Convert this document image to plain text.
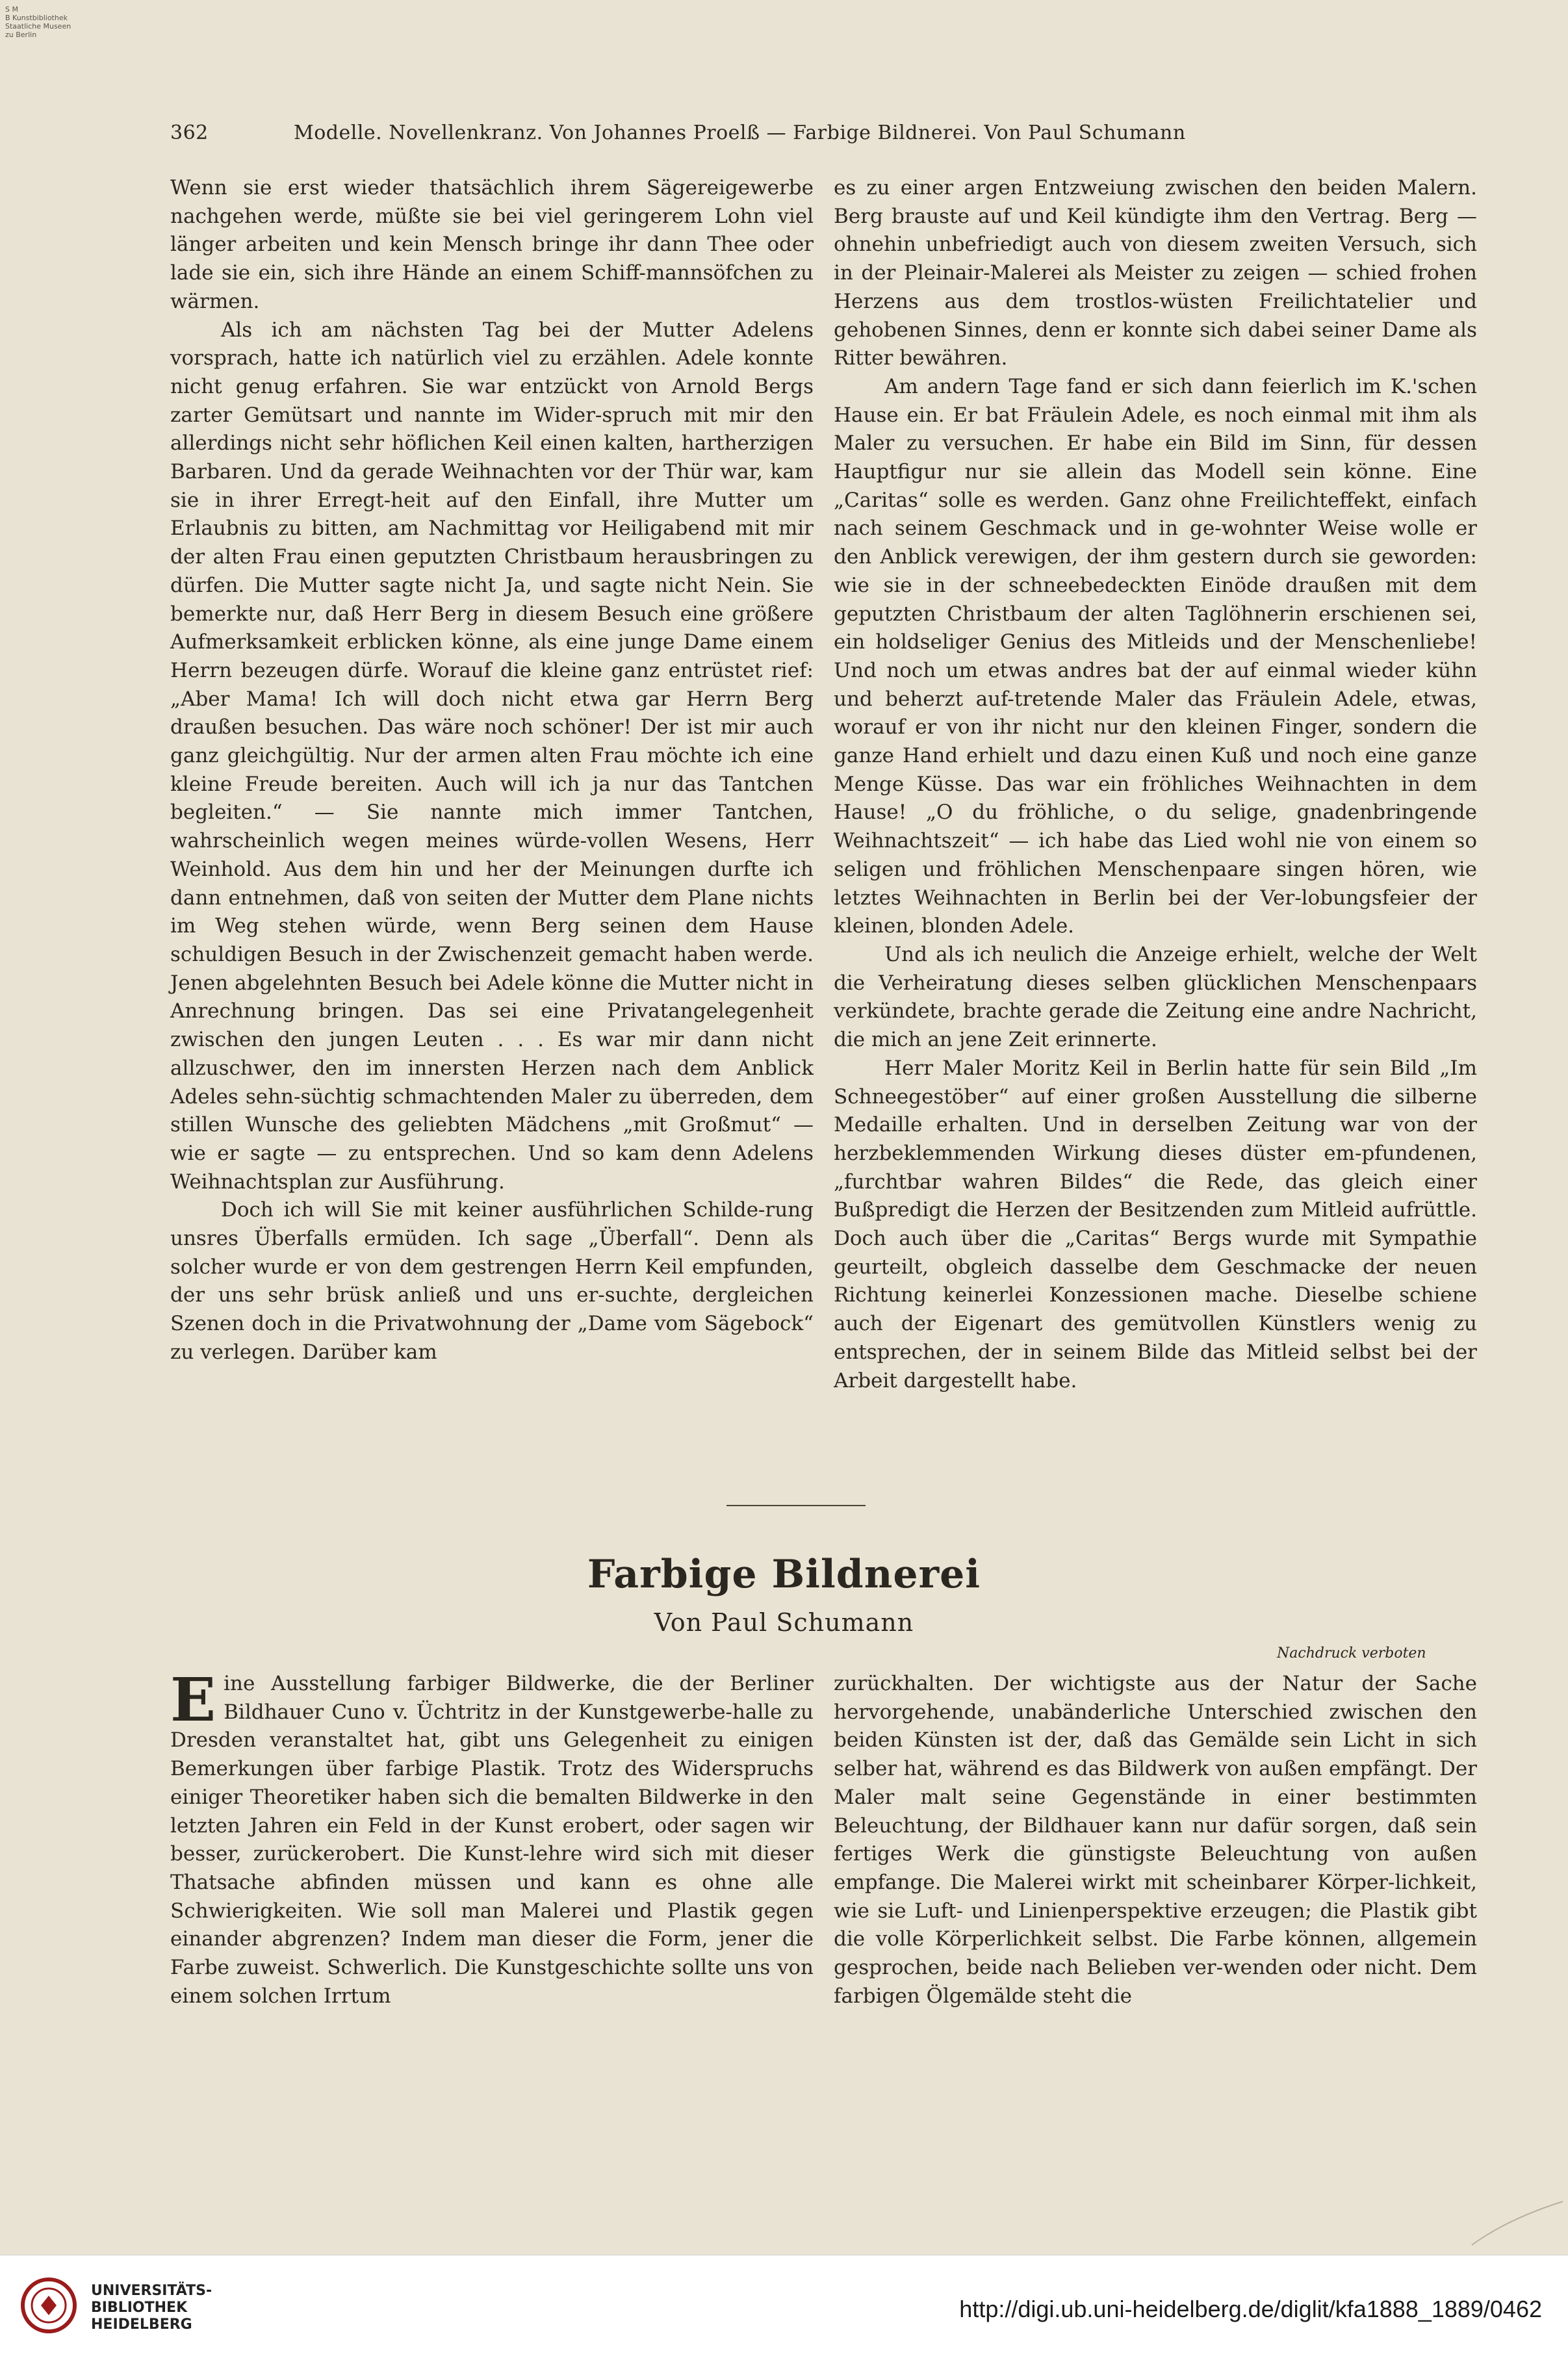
S M
B Kunstbibliothek
Staatliche Museen
zu Berlin
362	Modelle. Novellenkranz. Von Johannes Proelß — Farbige Bildnerei. Von Paul Schumann

Wenn sie erst wieder thatsächlich ihrem Sägereigewerbe nachgehen werde, müßte sie bei viel geringerem Lohn viel länger arbeiten und kein Mensch bringe ihr dann Thee oder lade sie ein, sich ihre Hände an einem Schiff-mannsöfchen zu wärmen.

Als ich am nächsten Tag bei der Mutter Adelens vorsprach, hatte ich natürlich viel zu erzählen. Adele konnte nicht genug erfahren. Sie war entzückt von Arnold Bergs zarter Gemütsart und nannte im Wider-spruch mit mir den allerdings nicht sehr höflichen Keil einen kalten, hartherzigen Barbaren. Und da gerade Weihnachten vor der Thür war, kam sie in ihrer Erregt-heit auf den Einfall, ihre Mutter um Erlaubnis zu bitten, am Nachmittag vor Heiligabend mit mir der alten Frau einen geputzten Christbaum herausbringen zu dürfen. Die Mutter sagte nicht Ja, und sagte nicht Nein. Sie bemerkte nur, daß Herr Berg in diesem Besuch eine größere Aufmerksamkeit erblicken könne, als eine junge Dame einem Herrn bezeugen dürfe. Worauf die kleine ganz entrüstet rief: „Aber Mama! Ich will doch nicht etwa gar Herrn Berg draußen besuchen. Das wäre noch schöner! Der ist mir auch ganz gleichgültig. Nur der armen alten Frau möchte ich eine kleine Freude bereiten. Auch will ich ja nur das Tantchen begleiten.“ — Sie nannte mich immer Tantchen, wahrscheinlich wegen meines würde-vollen Wesens, Herr Weinhold. Aus dem hin und her der Meinungen durfte ich dann entnehmen, daß von seiten der Mutter dem Plane nichts im Weg stehen würde, wenn Berg seinen dem Hause schuldigen Besuch in der Zwischenzeit gemacht haben werde. Jenen abgelehnten Besuch bei Adele könne die Mutter nicht in Anrechnung bringen. Das sei eine Privatangelegenheit zwischen den jungen Leuten . . . Es war mir dann nicht allzuschwer, den im innersten Herzen nach dem Anblick Adeles sehn-süchtig schmachtenden Maler zu überreden, dem stillen Wunsche des geliebten Mädchens „mit Großmut“ — wie er sagte — zu entsprechen. Und so kam denn Adelens Weihnachtsplan zur Ausführung.

Doch ich will Sie mit keiner ausführlichen Schilde-rung unsres Überfalls ermüden. Ich sage „Überfall“. Denn als solcher wurde er von dem gestrengen Herrn Keil empfunden, der uns sehr brüsk anließ und uns er-suchte, dergleichen Szenen doch in die Privatwohnung der „Dame vom Sägebock“ zu verlegen. Darüber kam

es zu einer argen Entzweiung zwischen den beiden Malern. Berg brauste auf und Keil kündigte ihm den Vertrag. Berg — ohnehin unbefriedigt auch von diesem zweiten Versuch, sich in der Pleinair-Malerei als Meister zu zeigen — schied frohen Herzens aus dem trostlos-wüsten Freilichtatelier und gehobenen Sinnes, denn er konnte sich dabei seiner Dame als Ritter bewähren.

Am andern Tage fand er sich dann feierlich im K.'schen Hause ein. Er bat Fräulein Adele, es noch einmal mit ihm als Maler zu versuchen. Er habe ein Bild im Sinn, für dessen Hauptfigur nur sie allein das Modell sein könne. Eine „Caritas“ solle es werden. Ganz ohne Freilichteffekt, einfach nach seinem Geschmack und in ge-wohnter Weise wolle er den Anblick verewigen, der ihm gestern durch sie geworden: wie sie in der schneebedeckten Einöde draußen mit dem geputzten Christbaum der alten Taglöhnerin erschienen sei, ein holdseliger Genius des Mitleids und der Menschenliebe! Und noch um etwas andres bat der auf einmal wieder kühn und beherzt auf-tretende Maler das Fräulein Adele, etwas, worauf er von ihr nicht nur den kleinen Finger, sondern die ganze Hand erhielt und dazu einen Kuß und noch eine ganze Menge Küsse. Das war ein fröhliches Weihnachten in dem Hause! „O du fröhliche, o du selige, gnadenbringende Weihnachtszeit“ — ich habe das Lied wohl nie von einem so seligen und fröhlichen Menschenpaare singen hören, wie letztes Weihnachten in Berlin bei der Ver-lobungsfeier der kleinen, blonden Adele.

Und als ich neulich die Anzeige erhielt, welche der Welt die Verheiratung dieses selben glücklichen Menschenpaars verkündete, brachte gerade die Zeitung eine andre Nachricht, die mich an jene Zeit erinnerte.

Herr Maler Moritz Keil in Berlin hatte für sein Bild „Im Schneegestöber“ auf einer großen Ausstellung die silberne Medaille erhalten. Und in derselben Zeitung war von der herzbeklemmenden Wirkung dieses düster em-pfundenen, „furchtbar wahren Bildes“ die Rede, das gleich einer Bußpredigt die Herzen der Besitzenden zum Mitleid aufrüttle. Doch auch über die „Caritas“ Bergs wurde mit Sympathie geurteilt, obgleich dasselbe dem Geschmacke der neuen Richtung keinerlei Konzessionen mache. Dieselbe schiene auch der Eigenart des gemütvollen Künstlers wenig zu entsprechen, der in seinem Bilde das Mitleid selbst bei der Arbeit dargestellt habe.

Farbige Bildnerei
Von Paul Schumann
Nachdruck verboten

Eine Ausstellung farbiger Bildwerke, die der Berliner Bildhauer Cuno v. Üchtritz in der Kunstgewerbe-halle zu Dresden veranstaltet hat, gibt uns Gelegenheit zu einigen Bemerkungen über farbige Plastik. Trotz des Widerspruchs einiger Theoretiker haben sich die bemalten Bildwerke in den letzten Jahren ein Feld in der Kunst erobert, oder sagen wir besser, zurückerobert. Die Kunst-lehre wird sich mit dieser Thatsache abfinden müssen und kann es ohne alle Schwierigkeiten. Wie soll man Malerei und Plastik gegen einander abgrenzen? Indem man dieser die Form, jener die Farbe zuweist. Schwerlich. Die Kunstgeschichte sollte uns von einem solchen Irrtum

zurückhalten. Der wichtigste aus der Natur der Sache hervorgehende, unabänderliche Unterschied zwischen den beiden Künsten ist der, daß das Gemälde sein Licht in sich selber hat, während es das Bildwerk von außen empfängt. Der Maler malt seine Gegenstände in einer bestimmten Beleuchtung, der Bildhauer kann nur dafür sorgen, daß sein fertiges Werk die günstigste Beleuchtung von außen empfange. Die Malerei wirkt mit scheinbarer Körper-lichkeit, wie sie Luft- und Linienperspektive erzeugen; die Plastik gibt die volle Körperlichkeit selbst. Die Farbe können, allgemein gesprochen, beide nach Belieben ver-wenden oder nicht. Dem farbigen Ölgemälde steht die

UNIVERSITÄTS-
BIBLIOTHEK
HEIDELBERG
http://digi.ub.uni-heidelberg.de/diglit/kfa1888_1889/0462
